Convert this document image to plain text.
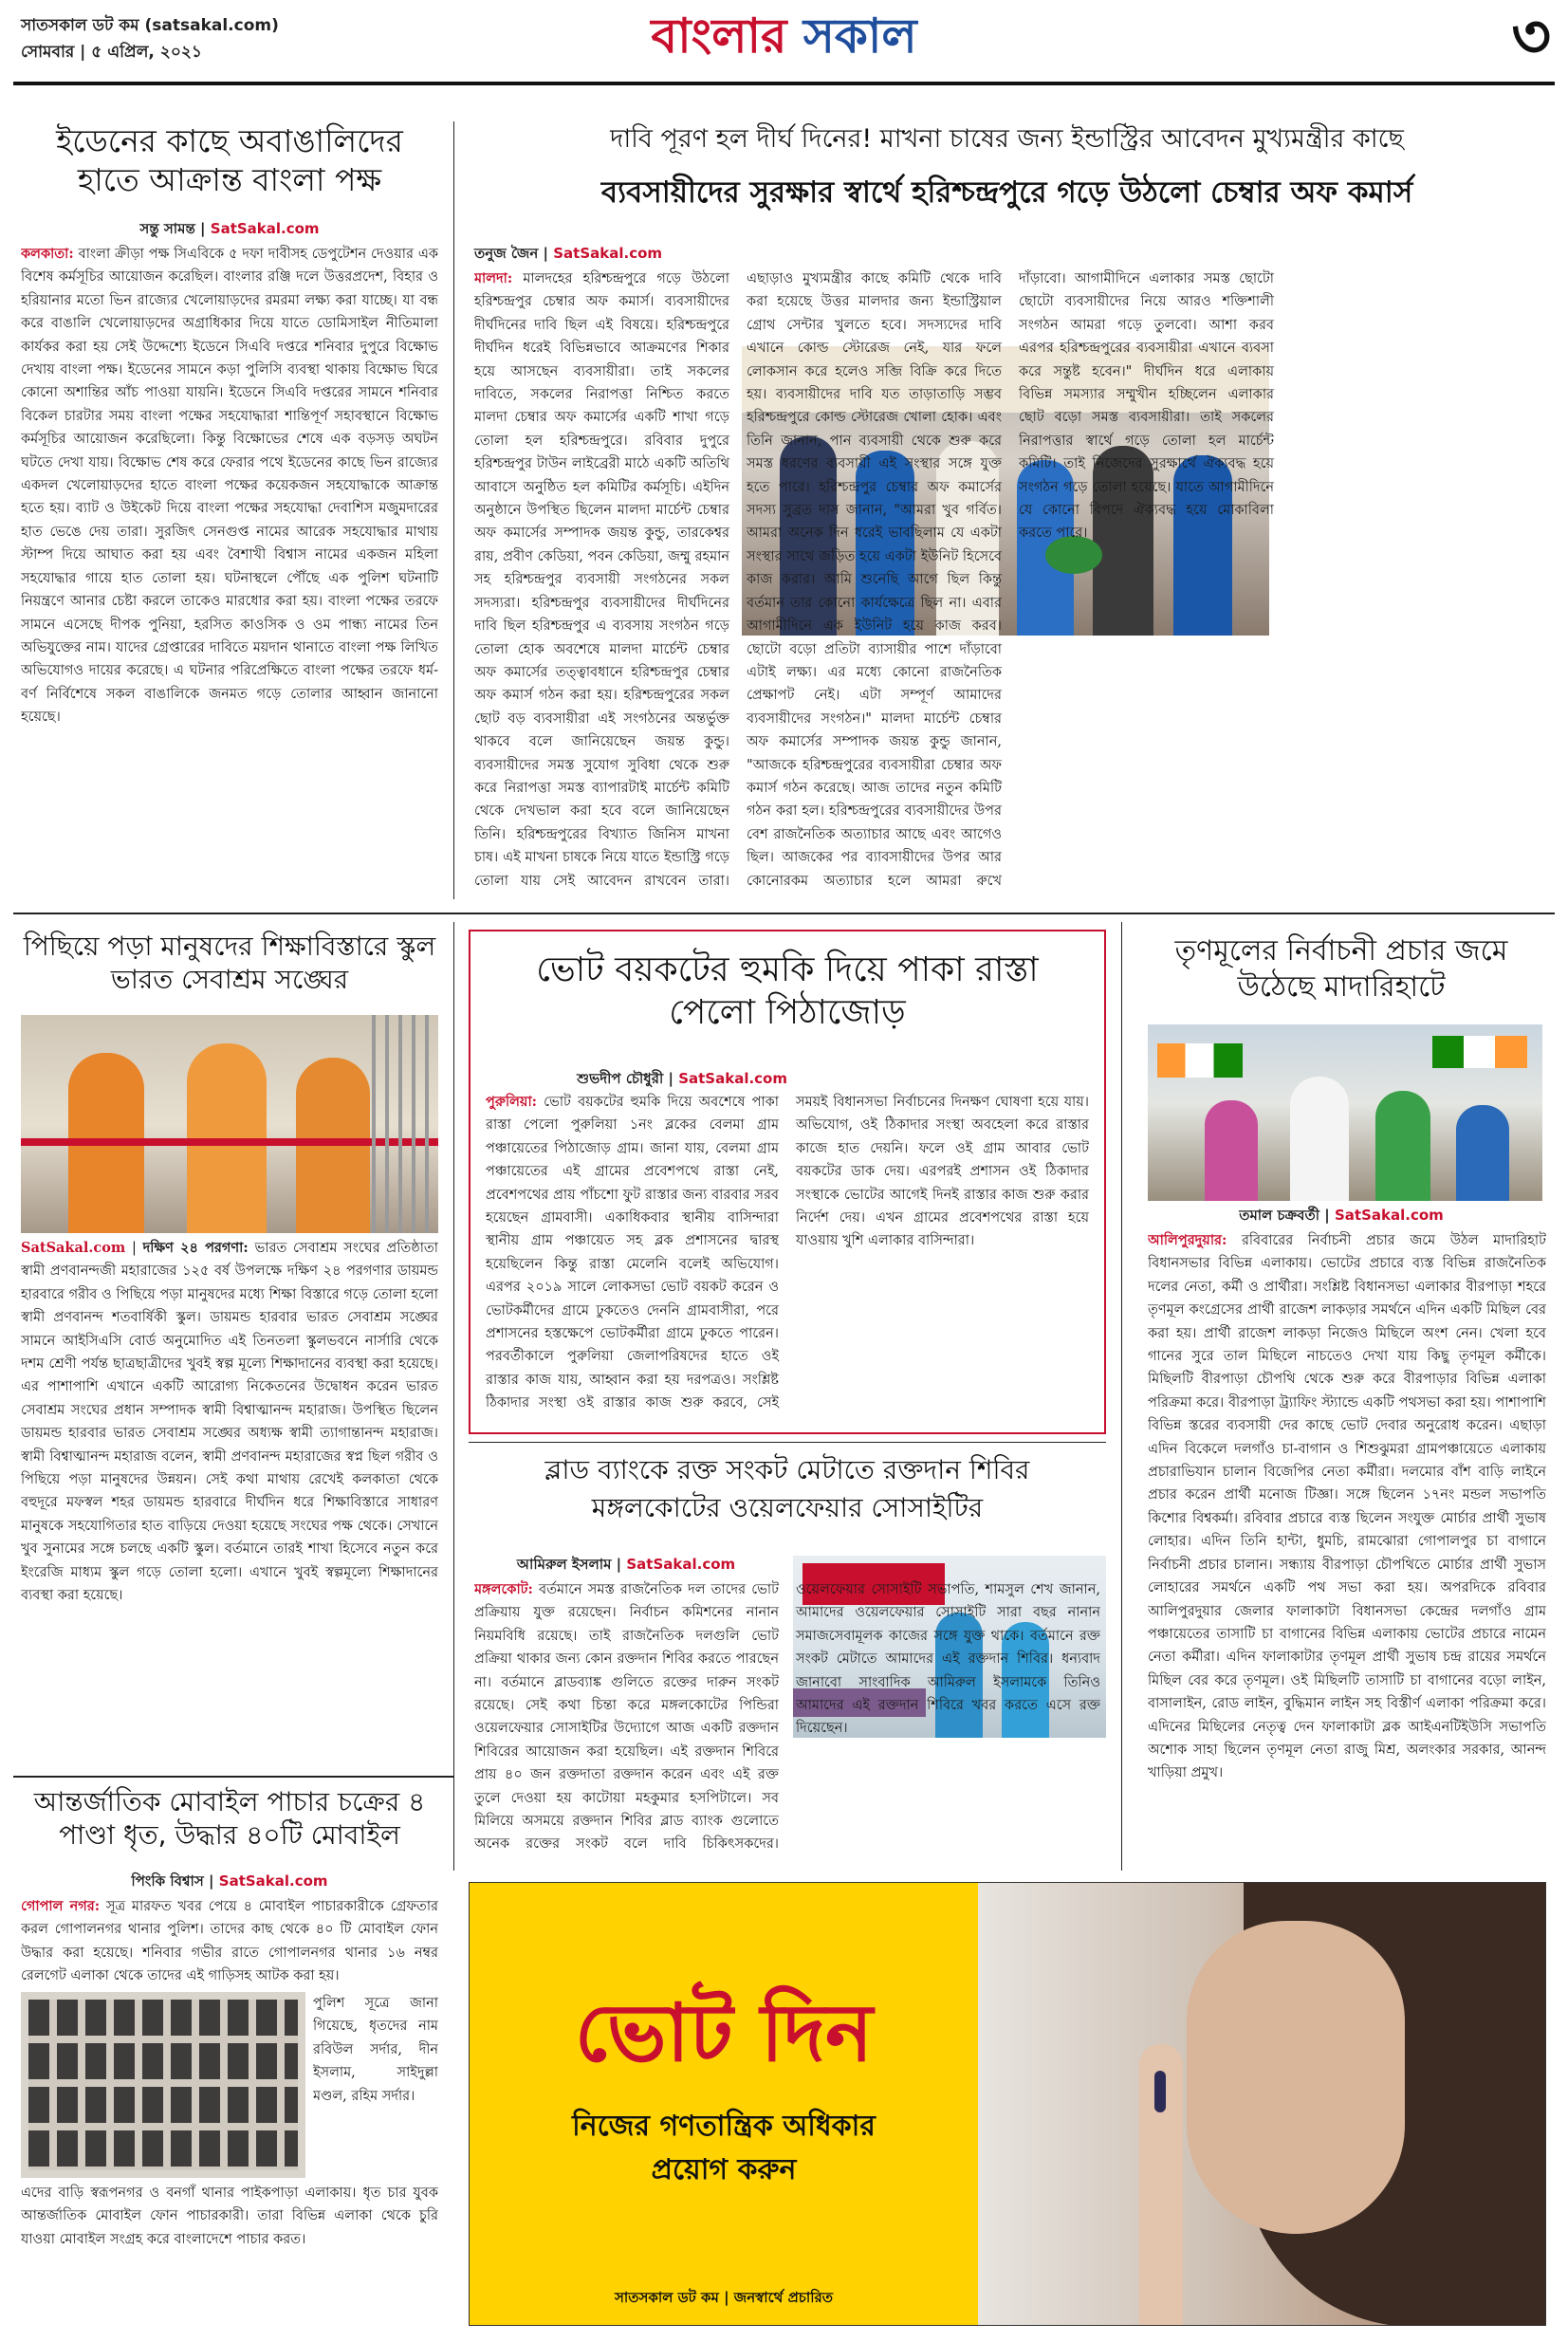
সাতসকাল ডট কম (satsakal.com)
সোমবার | ৫ এপ্রিল, ২০২১	বাংলার সকাল	৩
ইডেনের কাছে অবাঙালিদের হাতে আক্রান্ত বাংলা পক্ষ
সন্তু সামন্ত | SatSakal.com
কলকাতা: বাংলা ক্রীড়া পক্ষ সিএবিকে ৫ দফা দাবীসহ ডেপুটেশন দেওয়ার এক বিশেষ কর্মসূচির আয়োজন করেছিল। বাংলার রঞ্জি দলে উত্তরপ্রদেশ, বিহার ও হরিয়ানার মতো ভিন রাজ্যের খেলোয়াড়দের রমরমা লক্ষ্য করা যাচ্ছে। যা বন্ধ করে বাঙালি খেলোয়াড়দের অগ্রাধিকার দিয়ে যাতে ডোমিসাইল নীতিমালা কার্যকর করা হয় সেই উদ্দেশ্যে ইডেনে সিএবি দপ্তরে শনিবার দুপুরে বিক্ষোভ দেখায় বাংলা পক্ষ। ইডেনের সামনে কড়া পুলিসি ব্যবস্থা থাকায় বিক্ষোভ ঘিরে কোনো অশান্তির আঁচ পাওয়া যায়নি। ইডেনে সিএবি দপ্তরের সামনে শনিবার বিকেল চারটার সময় বাংলা পক্ষের সহযোদ্ধারা শান্তিপূর্ণ সহাবস্থানে বিক্ষোভ কর্মসূচির আয়োজন করেছিলো। কিন্তু বিক্ষোভের শেষে এক বড়সড় অঘটন ঘটতে দেখা যায়। বিক্ষোভ শেষ করে ফেরার পথে ইডেনের কাছে ভিন রাজ্যের একদল খেলোয়াড়দের হাতে বাংলা পক্ষের কয়েকজন সহযোদ্ধাকে আক্রান্ত হতে হয়। ব্যাট ও উইকেট দিয়ে বাংলা পক্ষের সহযোদ্ধা দেবাশিস মজুমদারের হাত ভেঙে দেয় তারা। সুরজিৎ সেনগুপ্ত নামের আরেক সহযোদ্ধার মাথায় স্টাম্প দিয়ে আঘাত করা হয় এবং বৈশাখী বিশ্বাস নামের একজন মহিলা সহযোদ্ধার গায়ে হাত তোলা হয়। ঘটনাস্থলে পৌঁছে এক পুলিশ ঘটনাটি নিয়ন্ত্রণে আনার চেষ্টা করলে তাকেও মারধোর করা হয়। বাংলা পক্ষের তরফে সামনে এসেছে দীপক পুনিয়া, হরসিত কাওসিক ও ওম পান্ধ্য নামের তিন অভিযুক্তের নাম। যাদের গ্রেপ্তারের দাবিতে ময়দান থানাতে বাংলা পক্ষ লিখিত অভিযোগও দায়ের করেছে। এ ঘটনার পরিপ্রেক্ষিতে বাংলা পক্ষের তরফে ধর্ম-বর্ণ নির্বিশেষে সকল বাঙালিকে জনমত গড়ে তোলার আহ্বান জানানো হয়েছে।
দাবি পূরণ হল দীর্ঘ দিনের! মাখনা চাষের জন্য ইন্ডাস্ট্রির আবেদন মুখ্যমন্ত্রীর কাছে
ব্যবসায়ীদের সুরক্ষার স্বার্থে হরিশ্চন্দ্রপুরে গড়ে উঠলো চেম্বার অফ কমার্স
তনুজ জৈন | SatSakal.com
মালদা: মালদহের হরিশ্চন্দ্রপুরে গড়ে উঠলো হরিশ্চন্দ্রপুর চেম্বার অফ কমার্স। ব্যবসায়ীদের দীর্ঘদিনের দাবি ছিল এই বিষয়ে। হরিশ্চন্দ্রপুরে দীর্ঘদিন ধরেই বিভিন্নভাবে আক্রমণের শিকার হয়ে আসছেন ব্যবসায়ীরা। তাই সকলের দাবিতে, সকলের নিরাপত্তা নিশ্চিত করতে মালদা চেম্বার অফ কমার্সের একটি শাখা গড়ে তোলা হল হরিশ্চন্দ্রপুরে। রবিবার দুপুরে হরিশ্চন্দ্রপুর টাউন লাইব্রেরী মাঠে একটি অতিথি আবাসে অনুষ্ঠিত হল কমিটির কর্মসূচি। এইদিন অনুষ্ঠানে উপস্থিত ছিলেন মালদা মার্চেন্ট চেম্বার অফ কমার্সের সম্পাদক জয়ন্ত কুন্ডু, তারকেশ্বর রায়, প্রবীণ কেডিয়া, পবন কেডিয়া, জম্মু রহমান সহ হরিশ্চন্দ্রপুর ব্যবসায়ী সংগঠনের সকল সদস্যরা। হরিশ্চন্দ্রপুর ব্যবসায়ীদের দীর্ঘদিনের দাবি ছিল হরিশ্চন্দ্রপুর এ ব্যবসায় সংগঠন গড়ে তোলা হোক অবশেষে মালদা মার্চেন্ট চেম্বার অফ কমার্সের তত্ত্বাবধানে হরিশ্চন্দ্রপুর চেম্বার অফ কমার্স গঠন করা হয়। হরিশ্চন্দ্রপুরের সকল ছোট বড় ব্যবসায়ীরা এই সংগঠনের অন্তর্ভুক্ত থাকবে বলে জানিয়েছেন জয়ন্ত কুন্ডু। ব্যবসায়ীদের সমস্ত সুযোগ সুবিধা থেকে শুরু করে নিরাপত্তা সমস্ত ব্যাপারটাই মার্চেন্ট কমিটি থেকে দেখভাল করা হবে বলে জানিয়েছেন তিনি। হরিশ্চন্দ্রপুরের বিখ্যাত জিনিস মাখনা চাষ। এই মাখনা চাষকে নিয়ে যাতে ইন্ডাস্ট্রি গড়ে তোলা যায় সেই আবেদন রাখবেন তারা। এছাড়াও মুখ্যমন্ত্রীর কাছে কমিটি থেকে দাবি করা হয়েছে উত্তর মালদার জন্য ইন্ডাস্ট্রিয়াল গ্রোথ সেন্টার খুলতে হবে। সদস্যদের দাবি এখানে কোল্ড স্টোরেজ নেই, যার ফলে লোকসান করে হলেও সব্জি বিক্রি করে দিতে হয়। ব্যবসায়ীদের দাবি যত তাড়াতাড়ি সম্ভব হরিশ্চন্দ্রপুরে কোল্ড স্টোরেজ খোলা হোক। এবং তিনি জানান, পান ব্যবসায়ী থেকে শুরু করে সমস্ত ধরণের ব্যবসায়ী এই সংস্থার সঙ্গে যুক্ত হতে পারে। হরিশ্চন্দ্রপুর চেম্বার অফ কমার্সের সদস্য সুব্রত দাস জানান, "আমরা খুব গর্বিত। আমরা অনেক দিন ধরেই ভাবছিলাম যে একটা সংস্থার সাথে জড়িত হয়ে একটা ইউনিট হিসেবে কাজ করার। আমি শুনেছি আগে ছিল কিন্তু বর্তমান তার কোনো কার্যক্ষেত্রে ছিল না। এবার আগামীদিনে এক ইউনিট হয়ে কাজ করব। ছোটো বড়ো প্রতিটা ব্যাসায়ীর পাশে দাঁড়াবো এটাই লক্ষ্য। এর মধ্যে কোনো রাজনৈতিক প্রেক্ষাপট নেই। এটা সম্পূর্ণ আমাদের ব্যবসায়ীদের সংগঠন।" মালদা মার্চেন্ট চেম্বার অফ কমার্সের সম্পাদক জয়ন্ত কুন্ডু জানান, "আজকে হরিশ্চন্দ্রপুরের ব্যবসায়ীরা চেম্বার অফ কমার্স গঠন করেছে। আজ তাদের নতুন কমিটি গঠন করা হল। হরিশ্চন্দ্রপুরের ব্যবসায়ীদের উপর বেশ রাজনৈতিক অত্যাচার আছে এবং আগেও ছিল। আজকের পর ব্যাবসায়ীদের উপর আর কোনোরকম অত্যাচার হলে আমরা রুখে দাঁড়াবো। আগামীদিনে এলাকার সমস্ত ছোটো ছোটো ব্যবসায়ীদের নিয়ে আরও শক্তিশালী সংগঠন আমরা গড়ে তুলবো। আশা করব এরপর হরিশ্চন্দ্রপুরের ব্যবসায়ীরা এখানে ব্যবসা করে সন্তুষ্ট হবেন।" দীর্ঘদিন ধরে এলাকায় বিভিন্ন সমস্যার সম্মুখীন হচ্ছিলেন এলাকার ছোট বড়ো সমস্ত ব্যবসায়ীরা। তাই সকলের নিরাপত্তার স্বার্থে গড়ে তোলা হল মার্চেন্ট কমিটি। তাই নিজেদের সুরক্ষার্থে ঐক্যবদ্ধ হয়ে সংগঠন গড়ে তোলা হয়েছে। যাতে আগামীদিনে যে কোনো বিপদে ঐক্যবদ্ধ হয়ে মোকাবিলা করতে পারে।
পিছিয়ে পড়া মানুষদের শিক্ষাবিস্তারে স্কুল ভারত সেবাশ্রম সঙ্ঘের
SatSakal.com | দক্ষিণ ২৪ পরগণা: ভারত সেবাশ্রম সংঘের প্রতিষ্ঠাতা স্বামী প্রণবানন্দজী মহারাজের ১২৫ বর্ষ উপলক্ষে দক্ষিণ ২৪ পরগণার ডায়মন্ড হারবারে গরীব ও পিছিয়ে পড়া মানুষদের মধ্যে শিক্ষা বিস্তারে গড়ে তোলা হলো স্বামী প্রণবানন্দ শতবার্ষিকী স্কুল। ডায়মন্ড হারবার ভারত সেবাশ্রম সঙ্ঘের সামনে আইসিএসি বোর্ড অনুমোদিত এই তিনতলা স্কুলভবনে নার্সারি থেকে দশম শ্রেণী পর্যন্ত ছাত্রছাত্রীদের খুবই স্বল্প মূল্যে শিক্ষাদানের ব্যবস্থা করা হয়েছে। এর পাশাপাশি এখানে একটি আরোগ্য নিকেতনের উদ্বোধন করেন ভারত সেবাশ্রম সংঘের প্রধান সম্পাদক স্বামী বিশ্বাত্মানন্দ মহারাজ। উপস্থিত ছিলেন ডায়মন্ড হারবার ভারত সেবাশ্রম সঙ্ঘের অধ্যক্ষ স্বামী ত্যাগান্তানন্দ মহারাজ। স্বামী বিশ্বাত্মানন্দ মহারাজ বলেন, স্বামী প্রণবানন্দ মহারাজের স্বপ্ন ছিল গরীব ও পিছিয়ে পড়া মানুষদের উন্নয়ন। সেই কথা মাথায় রেখেই কলকাতা থেকে বহুদূরে মফস্বল শহর ডায়মন্ড হারবারে দীর্ঘদিন ধরে শিক্ষাবিস্তারে সাধারণ মানুষকে সহযোগিতার হাত বাড়িয়ে দেওয়া হয়েছে সংঘের পক্ষ থেকে। সেখানে খুব সুনামের সঙ্গে চলছে একটি স্কুল। বর্তমানে তারই শাখা হিসেবে নতুন করে ইংরেজি মাধ্যম স্কুল গড়ে তোলা হলো। এখানে খুবই স্বল্পমূল্যে শিক্ষাদানের ব্যবস্থা করা হয়েছে।
ভোট বয়কটের হুমকি দিয়ে পাকা রাস্তা পেলো পিঠাজোড়
শুভদীপ চৌধুরী | SatSakal.com
পুরুলিয়া: ভোট বয়কটের হুমকি দিয়ে অবশেষে পাকা রাস্তা পেলো পুরুলিয়া ১নং ব্লকের বেলমা গ্রাম পঞ্চায়েতের পিঠাজোড় গ্রাম। জানা যায়, বেলমা গ্রাম পঞ্চায়েতের এই গ্রামের প্রবেশপথে রাস্তা নেই, প্রবেশপথের প্রায় পাঁচশো ফুট রাস্তার জন্য বারবার সরব হয়েছেন গ্রামবাসী। একাধিকবার স্থানীয় বাসিন্দারা স্থানীয় গ্রাম পঞ্চায়েত সহ ব্লক প্রশাসনের দ্বারস্থ হয়েছিলেন কিন্তু রাস্তা মেলেনি বলেই অভিযোগ। এরপর ২০১৯ সালে লোকসভা ভোট বয়কট করেন ও ভোটকর্মীদের গ্রামে ঢুকতেও দেননি গ্রামবাসীরা, পরে প্রশাসনের হস্তক্ষেপে ভোটকর্মীরা গ্রামে ঢুকতে পারেন। পরবর্তীকালে পুরুলিয়া জেলাপরিষদের হাতে ওই রাস্তার কাজ যায়, আহ্বান করা হয় দরপত্রও। সংশ্লিষ্ট ঠিকাদার সংস্থা ওই রাস্তার কাজ শুরু করবে, সেই সময়ই বিধানসভা নির্বাচনের দিনক্ষণ ঘোষণা হয়ে যায়। অভিযোগ, ওই ঠিকাদার সংস্থা অবহেলা করে রাস্তার কাজে হাত দেয়নি। ফলে ওই গ্রাম আবার ভোট বয়কটের ডাক দেয়। এরপরই প্রশাসন ওই ঠিকাদার সংস্থাকে ভোটের আগেই দিনই রাস্তার কাজ শুরু করার নির্দেশ দেয়। এখন গ্রামের প্রবেশপথের রাস্তা হয়ে যাওয়ায় খুশি এলাকার বাসিন্দারা।
তৃণমূলের নির্বাচনী প্রচার জমে উঠেছে মাদারিহাটে
তমাল চক্রবর্তী | SatSakal.com
আলিপুরদুয়ার: রবিবারের নির্বাচনী প্রচার জমে উঠল মাদারিহাট বিধানসভার বিভিন্ন এলাকায়। ভোটের প্রচারে ব্যস্ত বিভিন্ন রাজনৈতিক দলের নেতা, কর্মী ও প্রার্থীরা। সংশ্লিষ্ট বিধানসভা এলাকার বীরপাড়া শহরে তৃণমূল কংগ্রেসের প্রার্থী রাজেশ লাকড়ার সমর্থনে এদিন একটি মিছিল বের করা হয়। প্রার্থী রাজেশ লাকড়া নিজেও মিছিলে অংশ নেন। খেলা হবে গানের সুরে তাল মিছিলে নাচতেও দেখা যায় কিছু তৃণমূল কর্মীকে। মিছিলটি বীরপাড়া চৌপথি থেকে শুরু করে বীরপাড়ার বিভিন্ন এলাকা পরিক্রমা করে। বীরপাড়া ট্র্যাফিং স্ট্যান্ডে একটি পথসভা করা হয়। পাশাপাশি বিভিন্ন স্তরের ব্যবসায়ী দের কাছে ভোট দেবার অনুরোধ করেন। এছাড়া এদিন বিকেলে দলগাঁও চা-বাগান ও শিশুঝুমরা গ্রামপঞ্চায়েতে এলাকায় প্রচারাভিযান চালান বিজেপির নেতা কর্মীরা। দলমোর বাঁশ বাড়ি লাইনে প্রচার করেন প্রার্থী মনোজ টিজ্ঞা। সঙ্গে ছিলেন ১৭নং মন্ডল সভাপতি কিশোর বিশ্বকর্মা। রবিবার প্রচারে ব্যস্ত ছিলেন সংযুক্ত মোর্চার প্রার্থী সুভাষ লোহার। এদিন তিনি হান্টা, ধুমচি, রামঝোরা গোপালপুর চা বাগানে নির্বাচনী প্রচার চালান। সন্ধ্যায় বীরপাড়া চৌপথিতে মোর্চার প্রার্থী সুভাস লোহারের সমর্থনে একটি পথ সভা করা হয়। অপরদিকে রবিবার আলিপুরদুয়ার জেলার ফালাকাটা বিধানসভা কেন্দ্রের দলগাঁও গ্রাম পঞ্চায়েতের তাসাটি চা বাগানের বিভিন্ন এলাকায় ভোটের প্রচারে নামেন নেতা কর্মীরা। এদিন ফালাকাটার তৃণমূল প্রার্থী সুভাষ চন্দ্র রায়ের সমর্থনে মিছিল বের করে তৃণমূল। ওই মিছিলটি তাসাটি চা বাগানের বড়ো লাইন, বাসালাইন, রোড লাইন, বুদ্ধিমান লাইন সহ বিস্তীর্ণ এলাকা পরিক্রমা করে। এদিনের মিছিলের নেতৃত্ব দেন ফালাকাটা ব্লক আইএনটিইউসি সভাপতি অশোক সাহা ছিলেন তৃণমূল নেতা রাজু মিশ্র, অলংকার সরকার, আনন্দ খাড়িয়া প্রমুখ।
ব্লাড ব্যাংকে রক্ত সংকট মেটাতে রক্তদান শিবির
মঙ্গলকোটের ওয়েলফেয়ার সোসাইটির
আমিরুল ইসলাম | SatSakal.com
মঙ্গলকোট: বর্তমানে সমস্ত রাজনৈতিক দল তাদের ভোট প্রক্রিয়ায় যুক্ত রয়েছেন। নির্বাচন কমিশনের নানান নিয়মবিধি রয়েছে। তাই রাজনৈতিক দলগুলি ভোট প্রক্রিয়া থাকার জন্য কোন রক্তদান শিবির করতে পারছেন না। বর্তমানে ব্লাডব্যাঙ্ক গুলিতে রক্তের দারুন সংকট রয়েছে। সেই কথা চিন্তা করে মঙ্গলকোটের পিন্ডিরা ওয়েলফেয়ার সোসাইটির উদ্যোগে আজ একটি রক্তদান শিবিরের আয়োজন করা হয়েছিল। এই রক্তদান শিবিরে প্রায় ৪০ জন রক্তদাতা রক্তদান করেন এবং এই রক্ত তুলে দেওয়া হয় কাটোয়া মহকুমার হসপিটালে। সব মিলিয়ে অসময়ে রক্তদান শিবির ব্লাড ব্যাংক গুলোতে অনেক রক্তের সংকট বলে দাবি চিকিৎসকদের। ওয়েলফেয়ার সোসাইটি সভাপতি, শামসুল শেখ জানান, আমাদের ওয়েলফেয়ার সোসাইটি সারা বছর নানান সমাজসেবামূলক কাজের সঙ্গে যুক্ত থাকে। বর্তমানে রক্ত সংকট মেটাতে আমাদের এই রক্তদান শিবির। ধন্যবাদ জানাবো সাংবাদিক আমিরুল ইসলামকে তিনিও আমাদের এই রক্তদান শিবিরে খবর করতে এসে রক্ত দিয়েছেন।
আন্তর্জাতিক মোবাইল পাচার চক্রের ৪ পাণ্ডা ধৃত, উদ্ধার ৪০টি মোবাইল
পিংকি বিশ্বাস | SatSakal.com
গোপাল নগর: সূত্র মারফত খবর পেয়ে ৪ মোবাইল পাচারকারীকে গ্রেফতার করল গোপালনগর থানার পুলিশ। তাদের কাছ থেকে ৪০ টি মোবাইল ফোন উদ্ধার করা হয়েছে। শনিবার গভীর রাতে গোপালনগর থানার ১৬ নম্বর রেলগেট এলাকা থেকে তাদের এই গাড়িসহ আটক করা হয়।
পুলিশ সূত্রে জানা গিয়েছে, ধৃতদের নাম রবিউল সর্দার, দীন ইসলাম, সাইদুল্লা মণ্ডল, রহিম সর্দার।
এদের বাড়ি স্বরূপনগর ও বনগাঁ থানার পাইকপাড়া এলাকায়। ধৃত চার যুবক আন্তর্জাতিক মোবাইল ফোন পাচারকারী। তারা বিভিন্ন এলাকা থেকে চুরি যাওয়া মোবাইল সংগ্রহ করে বাংলাদেশে পাচার করত।
ভোট দিন
নিজের গণতান্ত্রিক অধিকার
প্রয়োগ করুন
সাতসকাল ডট কম | জনস্বার্থে প্রচারিত
